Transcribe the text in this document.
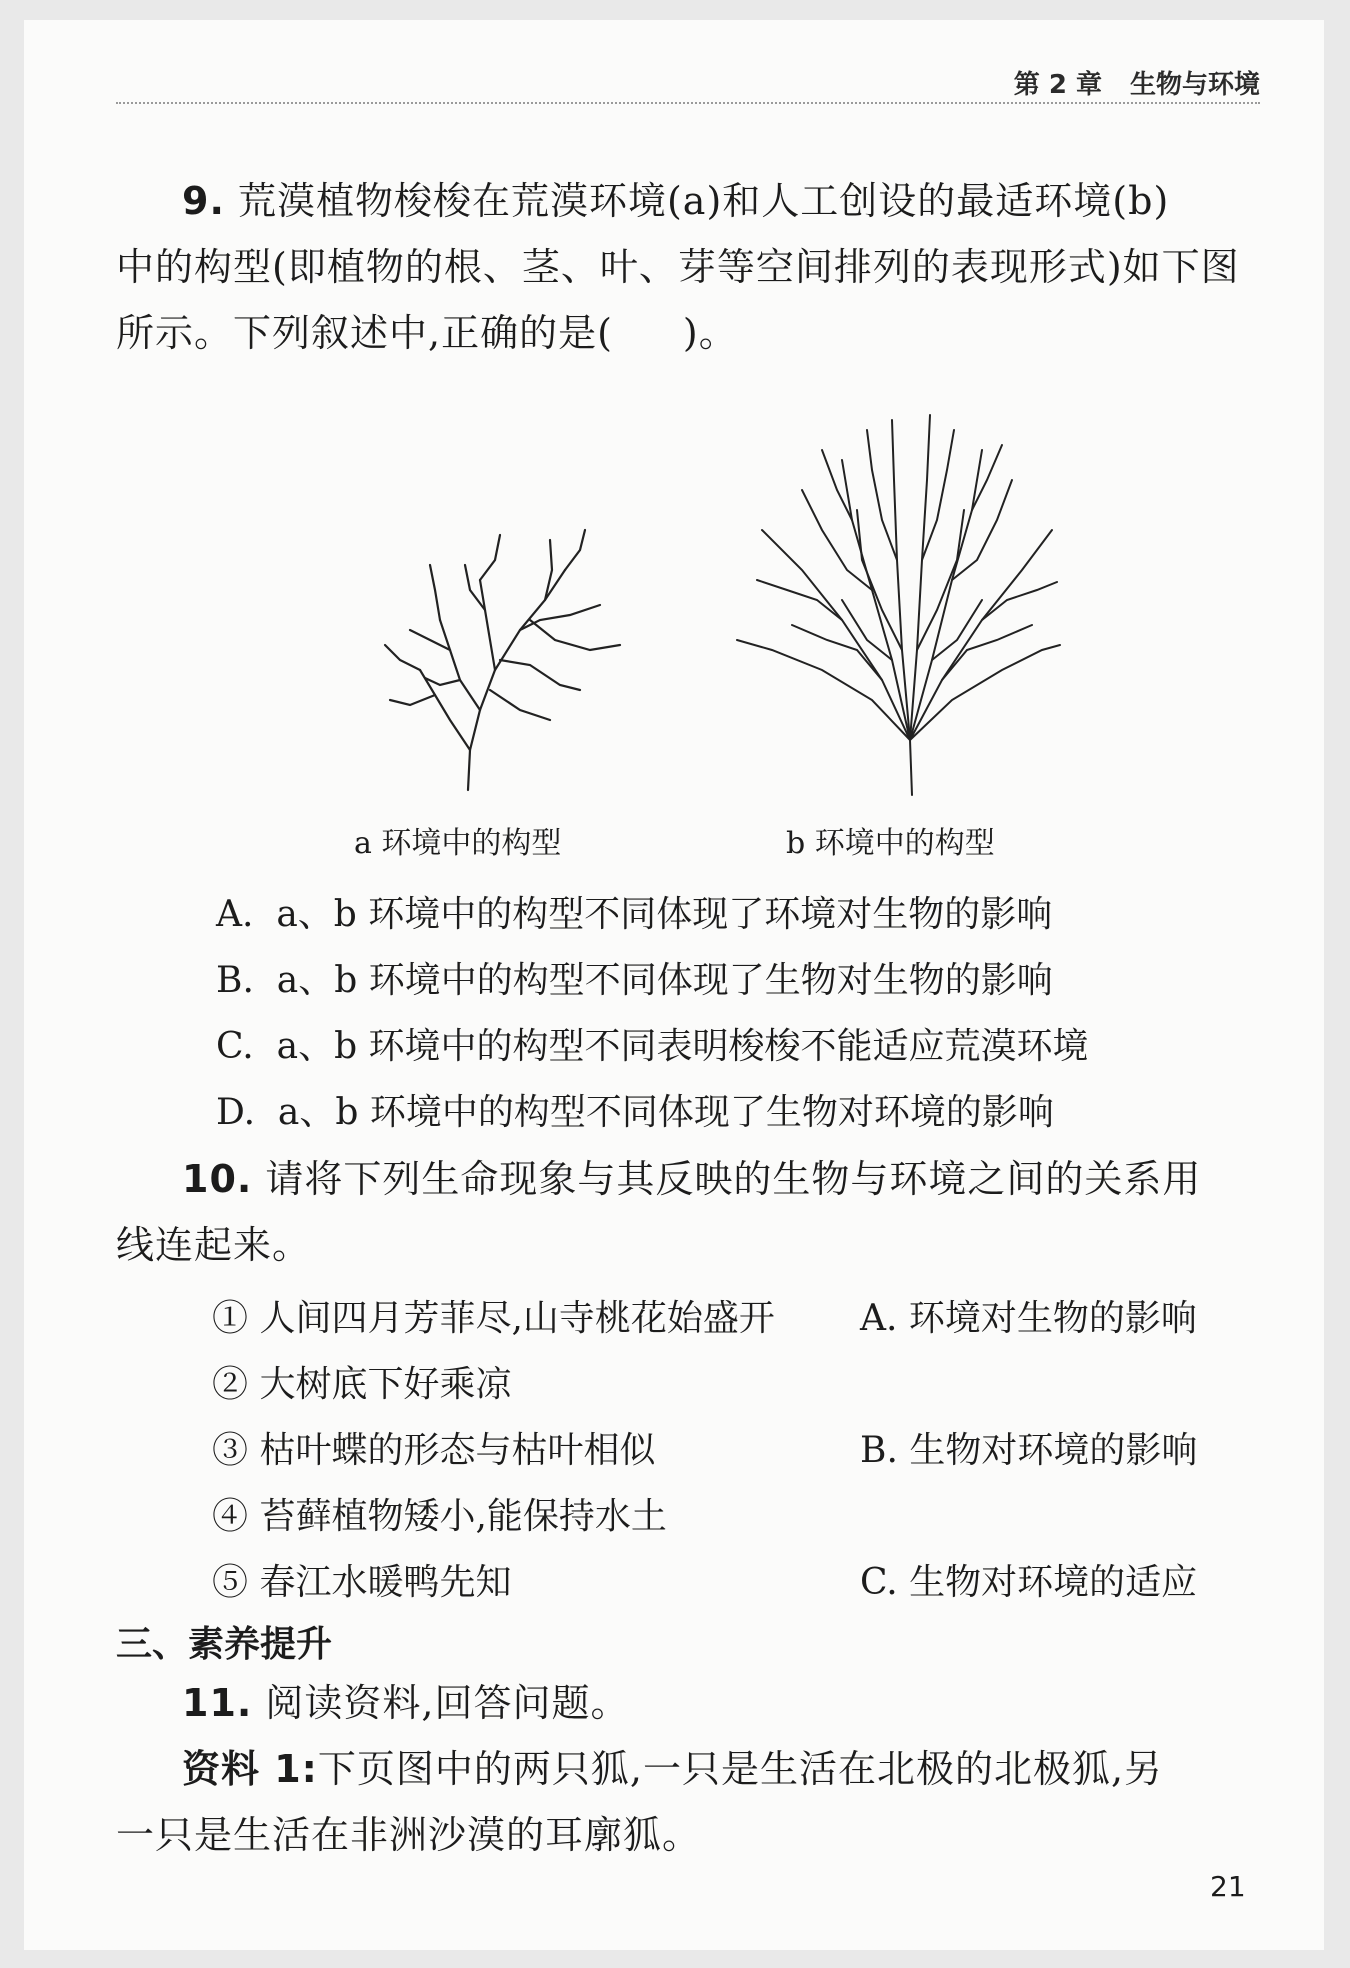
第 2 章 生物与环境
9. 荒漠植物梭梭在荒漠环境(a)和人工创设的最适环境(b)
中的构型(即植物的根、茎、叶、芽等空间排列的表现形式)如下图
所示。下列叙述中,正确的是( )。
a 环境中的构型	b 环境中的构型
A. a、b 环境中的构型不同体现了环境对生物的影响
B. a、b 环境中的构型不同体现了生物对生物的影响
C. a、b 环境中的构型不同表明梭梭不能适应荒漠环境
D. a、b 环境中的构型不同体现了生物对环境的影响
10. 请将下列生命现象与其反映的生物与环境之间的关系用
线连起来。
① 人间四月芳菲尽,山寺桃花始盛开
② 大树底下好乘凉
③ 枯叶蝶的形态与枯叶相似
④ 苔藓植物矮小,能保持水土
⑤ 春江水暖鸭先知
A. 环境对生物的影响
B. 生物对环境的影响
C. 生物对环境的适应
三、素养提升
11. 阅读资料,回答问题。
资料 1:下页图中的两只狐,一只是生活在北极的北极狐,另
一只是生活在非洲沙漠的耳廓狐。
21
